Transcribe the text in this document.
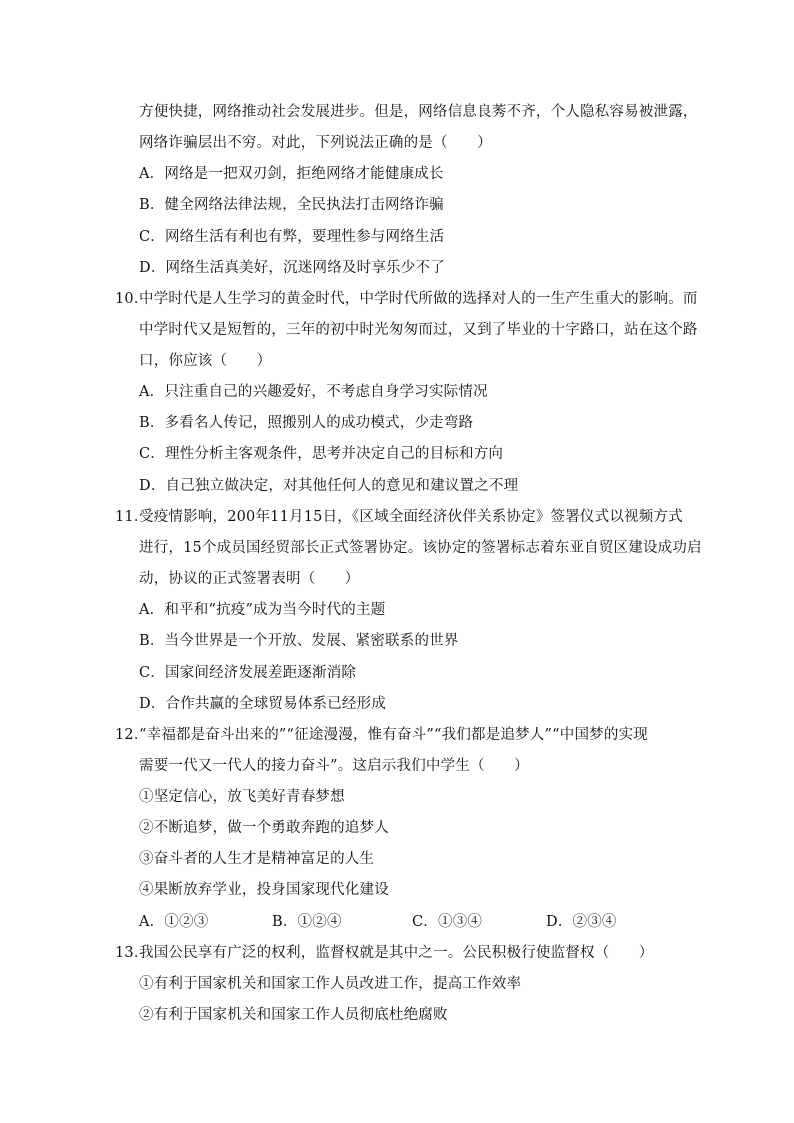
方便快捷，网络推动社会发展进步。但是，网络信息良莠不齐，个人隐私容易被泄露，
网络诈骗层出不穷。对此，下列说法正确的是（　　）
A．网络是一把双刃剑，拒绝网络才能健康成长
B．健全网络法律法规，全民执法打击网络诈骗
C．网络生活有利也有弊，要理性参与网络生活
D．网络生活真美好，沉迷网络及时享乐少不了
10．
中学时代是人生学习的黄金时代，中学时代所做的选择对人的一生产生重大的影响。而
中学时代又是短暂的，三年的初中时光匆匆而过，又到了毕业的十字路口，站在这个路
口，你应该（　　）
A．只注重自己的兴趣爱好，不考虑自身学习实际情况
B．多看名人传记，照搬别人的成功模式，少走弯路
C．理性分析主客观条件，思考并决定自己的目标和方向
D．自己独立做决定，对其他任何人的意见和建议置之不理
11．
受疫情影响，200年11月15日，《区域全面经济伙伴关系协定》签署仪式以视频方式
进行，15个成员国经贸部长正式签署协定。该协定的签署标志着东亚自贸区建设成功启
动，协议的正式签署表明（　　）
A．和平和“抗疫”成为当今时代的主题
B．当今世界是一个开放、发展、紧密联系的世界
C．国家间经济发展差距逐渐消除
D．合作共赢的全球贸易体系已经形成
12．
“幸福都是奋斗出来的”“征途漫漫，惟有奋斗”“我们都是追梦人”“中国梦的实现
需要一代又一代人的接力奋斗”。这启示我们中学生（　　）
①坚定信心，放飞美好青春梦想
②不断追梦，做一个勇敢奔跑的追梦人
③奋斗者的人生才是精神富足的人生
④果断放弃学业，投身国家现代化建设
A．①②③	B．①②④	C．①③④	D．②③④
13．
我国公民享有广泛的权利，监督权就是其中之一。公民积极行使监督权（　　）
①有利于国家机关和国家工作人员改进工作，提高工作效率
②有利于国家机关和国家工作人员彻底杜绝腐败
